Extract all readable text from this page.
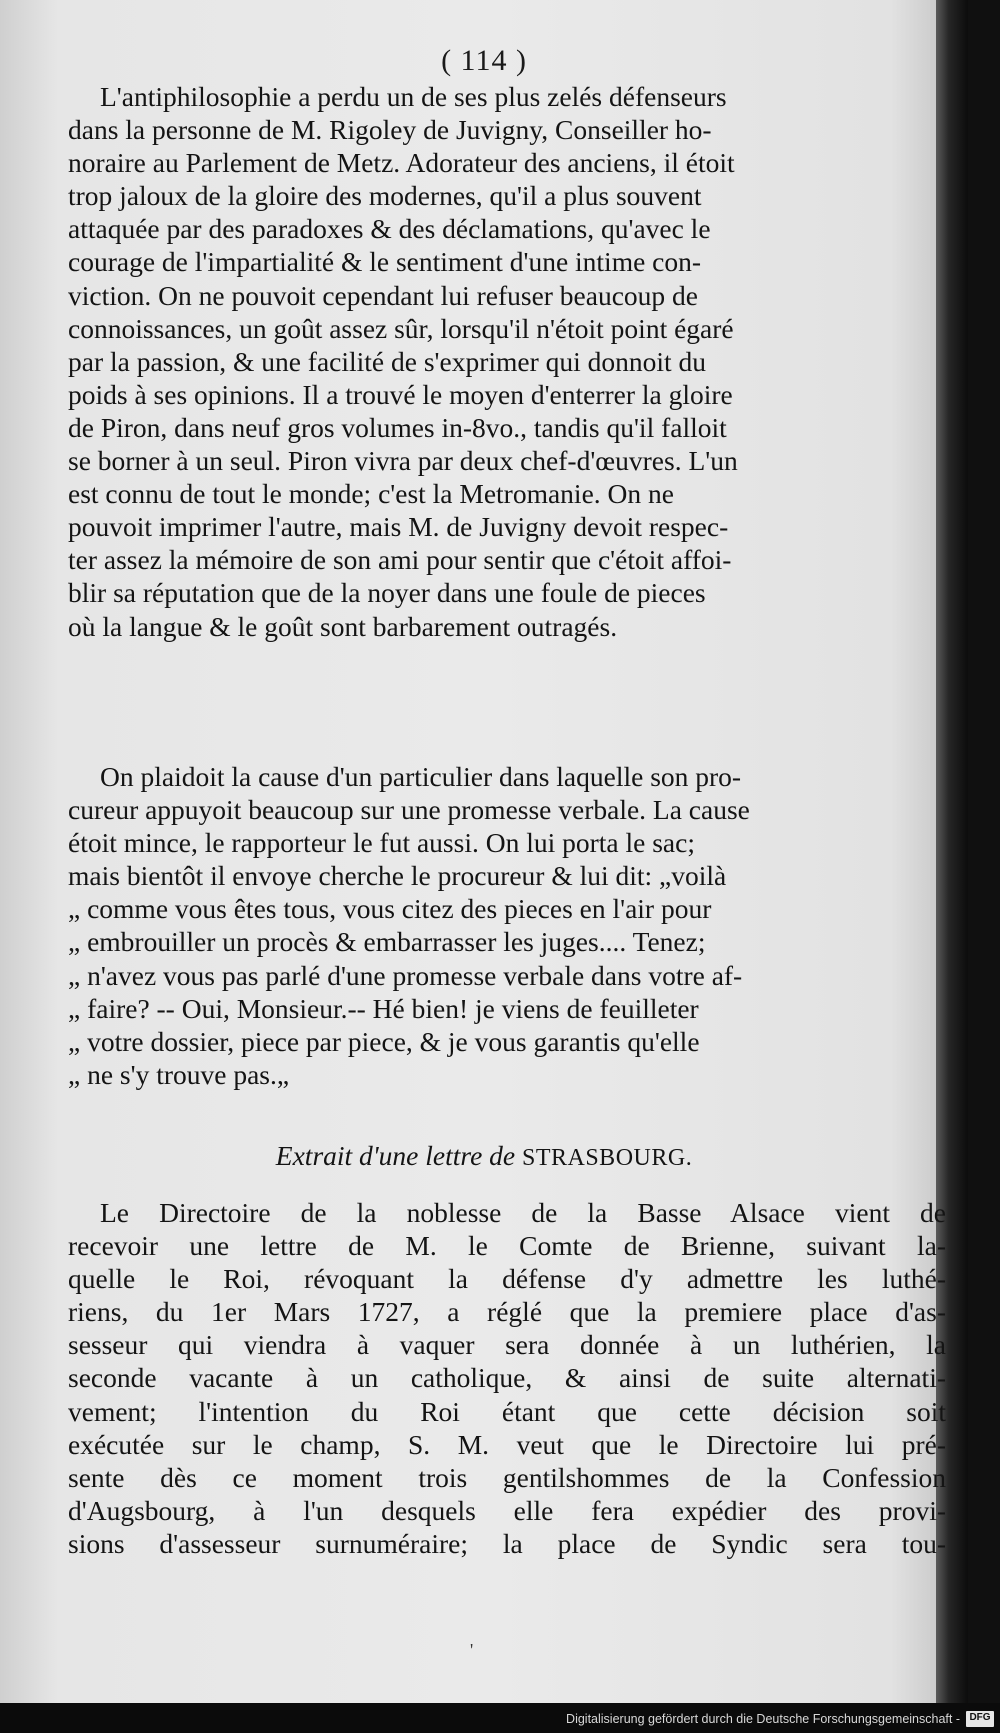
( 114 )

L'antiphilosophie a perdu un de ses plus zelés défenseurs
dans la personne de M. Rigoley de Juvigny, Conseiller ho-
noraire au Parlement de Metz. Adorateur des anciens, il étoit
trop jaloux de la gloire des modernes, qu'il a plus souvent
attaquée par des paradoxes & des déclamations, qu'avec le
courage de l'impartialité & le sentiment d'une intime con-
viction. On ne pouvoit cependant lui refuser beaucoup de
connoissances, un goût assez sûr, lorsqu'il n'étoit point égaré
par la passion, & une facilité de s'exprimer qui donnoit du
poids à ses opinions. Il a trouvé le moyen d'enterrer la gloire
de Piron, dans neuf gros volumes in-8vo., tandis qu'il falloit
se borner à un seul. Piron vivra par deux chef-d'œuvres. L'un
est connu de tout le monde; c'est la Metromanie. On ne
pouvoit imprimer l'autre, mais M. de Juvigny devoit respec-
ter assez la mémoire de son ami pour sentir que c'étoit affoi-
blir sa réputation que de la noyer dans une foule de pieces
où la langue & le goût sont barbarement outragés.

On plaidoit la cause d'un particulier dans laquelle son pro-
cureur appuyoit beaucoup sur une promesse verbale. La cause
étoit mince, le rapporteur le fut aussi. On lui porta le sac;
mais bientôt il envoye cherche le procureur & lui dit: „voilà
„ comme vous êtes tous, vous citez des pieces en l'air pour
„ embrouiller un procès & embarrasser les juges.... Tenez;
„ n'avez vous pas parlé d'une promesse verbale dans votre af-
„ faire? -- Oui, Monsieur.-- Hé bien! je viens de feuilleter
„ votre dossier, piece par piece, & je vous garantis qu'elle
„ ne s'y trouve pas.„

Extrait d'une lettre de STRASBOURG.

Le Directoire de la noblesse de la Basse Alsace vient de
recevoir une lettre de M. le Comte de Brienne, suivant la-
quelle le Roi, révoquant la défense d'y admettre les luthé-
riens, du 1er Mars 1727, a réglé que la premiere place d'as-
sesseur qui viendra à vaquer sera donnée à un luthérien, la
seconde vacante à un catholique, & ainsi de suite alternati-
vement; l'intention du Roi étant que cette décision soit
exécutée sur le champ, S. M. veut que le Directoire lui pré-
sente dès ce moment trois gentilshommes de la Confession
d'Augsbourg, à l'un desquels elle fera expédier des provi-
sions d'assesseur surnuméraire; la place de Syndic sera tou-

'
Digitalisierung gefördert durch die Deutsche Forschungsgemeinschaft - DFG
